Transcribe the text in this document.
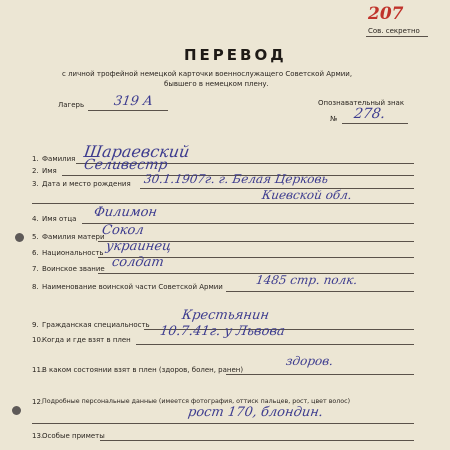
207
Сов. секретно
ПЕРЕВОД
с личной трофейной немецкой карточки военнослужащего Советской Армии,
бывшего в немецком плену.
Лагерь 319 А	Опознавательный знак
№ 278.
1. Фамилия Шараевский
2. Имя Селивестр
3. Дата и место рождения 30.1.1907г. г. Белая Церковь
Киевской обл.
4. Имя отца Филимон
5. Фамилия матери
Сокол
6. Национальность украинец
7. Воинское звание солдат
8. Наименование воинской части Советской Армии	1485 стр. полк.
9. Гражданская специальность
Крестьянин
10.
Когда и где взят в плен
10.7.41г. у Львова
11.
В каком состоянии взят в плен (здоров, болен, ранен)
здоров.
12.
Подробные персональные данные (имеется фотография, оттиск пальцев, рост, цвет волос)
рост 170, блондин.
13.
Особые приметы
